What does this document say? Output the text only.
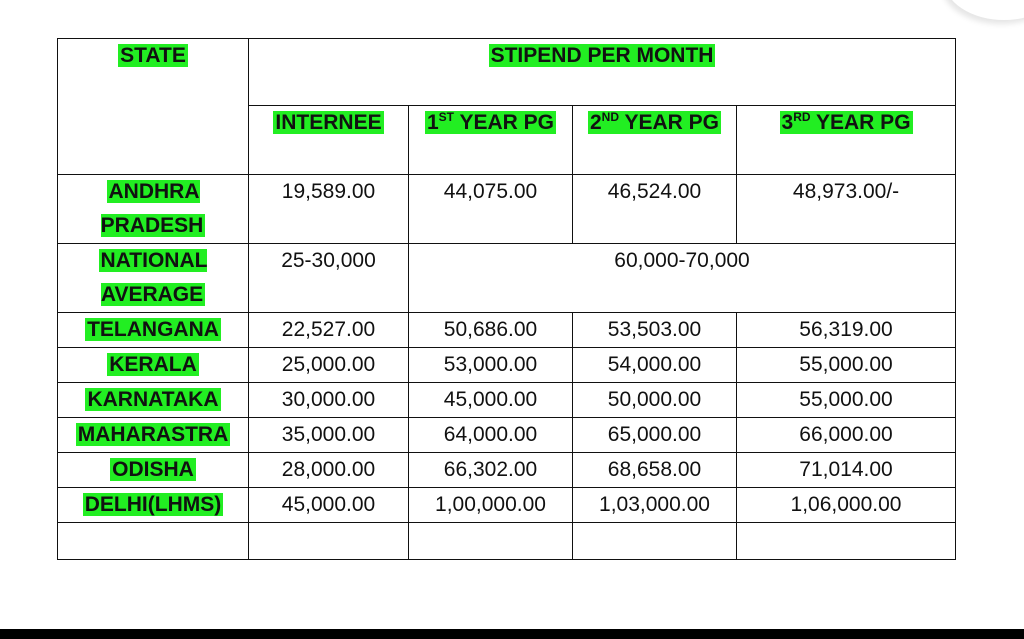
STATE	STIPEND PER MONTH			
	INTERNEE	1ST YEAR PG	2ND YEAR PG	3RD YEAR PG
ANDHRA PRADESH	19,589.00	44,075.00	46,524.00	48,973.00/-
NATIONAL AVERAGE	25-30,000	60,000-70,000		
TELANGANA	22,527.00	50,686.00	53,503.00	56,319.00
KERALA	25,000.00	53,000.00	54,000.00	55,000.00
KARNATAKA	30,000.00	45,000.00	50,000.00	55,000.00
MAHARASTRA	35,000.00	64,000.00	65,000.00	66,000.00
ODISHA	28,000.00	66,302.00	68,658.00	71,014.00
DELHI(LHMS)	45,000.00	1,00,000.00	1,03,000.00	1,06,000.00
